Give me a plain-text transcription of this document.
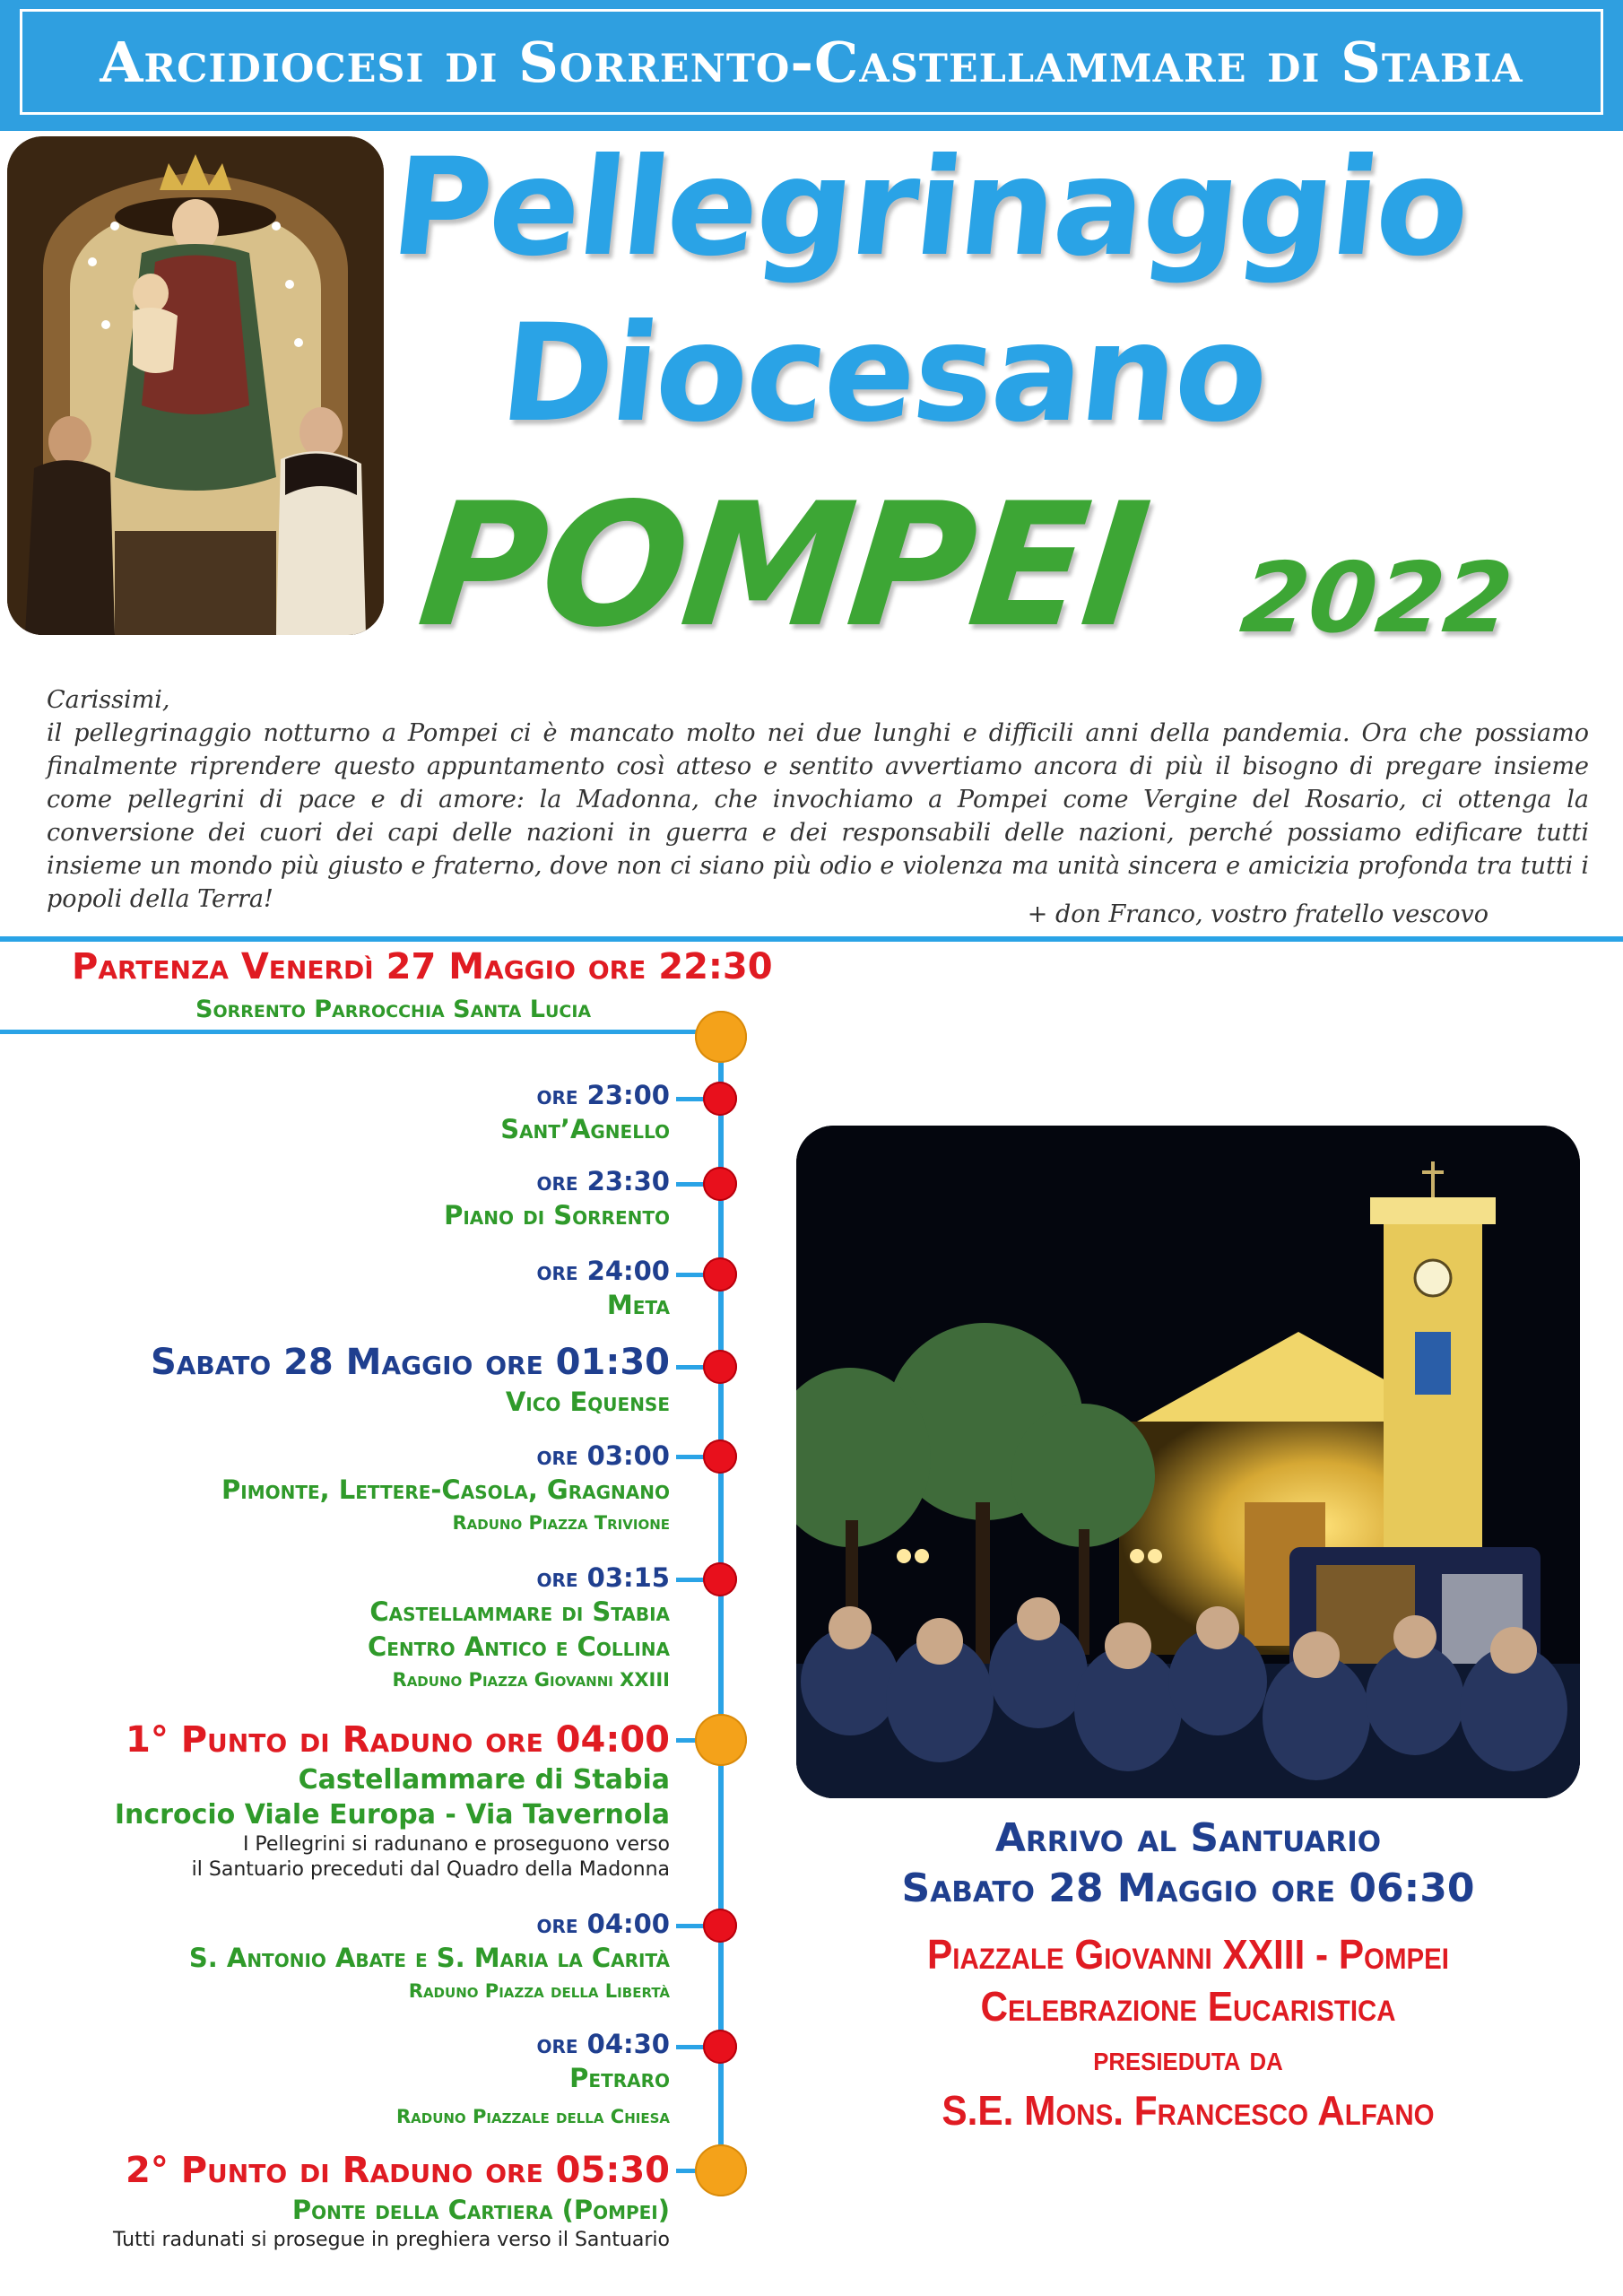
Arcidiocesi di Sorrento-Castellammare di Stabia
Pellegrinaggio
Diocesano
POMPEI 2022

Carissimi,

il pellegrinaggio notturno a Pompei ci è mancato molto nei due lunghi e difficili anni della pandemia. Ora che possiamo finalmente riprendere questo appuntamento così atteso e sentito avvertiamo ancora di più il bisogno di pregare insieme come pellegrini di pace e di amore: la Madonna, che invochiamo a Pompei come Vergine del Rosario, ci ottenga la conversione dei cuori dei capi delle nazioni in guerra e dei responsabili delle nazioni, perché possiamo edificare tutti insieme un mondo più giusto e fraterno, dove non ci siano più odio e violenza ma unità sincera e amicizia profonda tra tutti i popoli della Terra!

+ don Franco, vostro fratello vescovo
Partenza Venerdì 27 Maggio ore 22:30
Sorrento Parrocchia Santa Lucia
ore 23:00
Sant’Agnello
ore 23:30
Piano di Sorrento
ore 24:00
Meta
Sabato 28 Maggio ore 01:30
Vico Equense
ore 03:00
Pimonte, Lettere-Casola, Gragnano
Raduno Piazza Trivione
ore 03:15
Castellammare di Stabia
Centro Antico e Collina
Raduno Piazza Giovanni XXIII
1° Punto di Raduno ore 04:00
Castellammare di Stabia
Incrocio Viale Europa - Via Tavernola
I Pellegrini si radunano e proseguono verso
il Santuario preceduti dal Quadro della Madonna
ore 04:00
S. Antonio Abate e S. Maria la Carità
Raduno Piazza della Libertà
ore 04:30
Petraro
Raduno Piazzale della Chiesa
2° Punto di Raduno ore 05:30
Ponte della Cartiera (Pompei)
Tutti radunati si prosegue in preghiera verso il Santuario
Arrivo al Santuario
Sabato 28 Maggio ore 06:30
Piazzale Giovanni XXIII - Pompei
Celebrazione Eucaristica
presieduta da
S.E. Mons. Francesco Alfano
